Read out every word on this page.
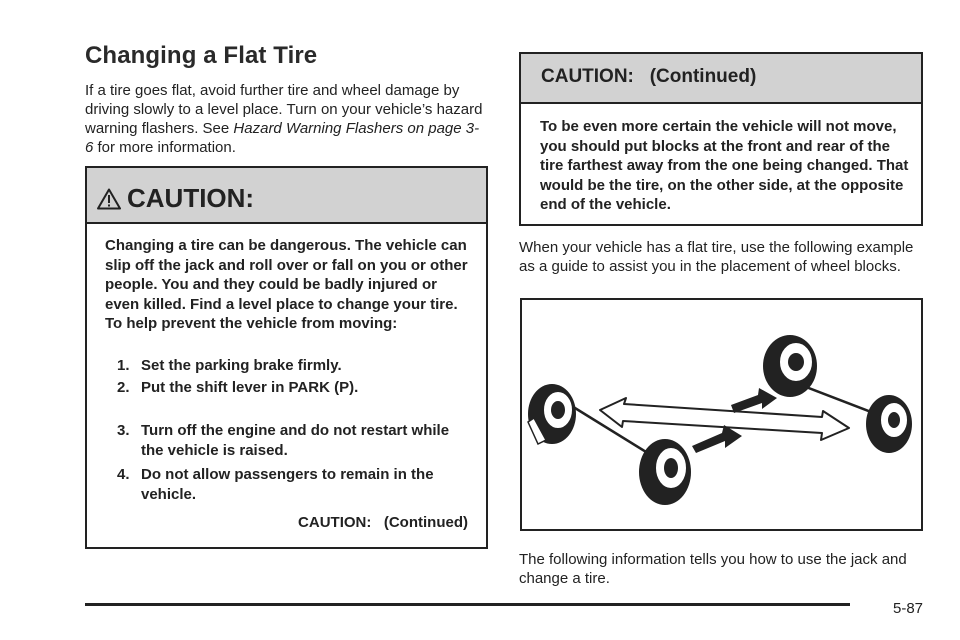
Changing a Flat Tire
If a tire goes flat, avoid further tire and wheel damage by driving slowly to a level place. Turn on your vehicle’s hazard warning flashers. See Hazard Warning Flashers on page 3-6 for more information.
CAUTION:
Changing a tire can be dangerous. The vehicle can slip off the jack and roll over or fall on you or other people. You and they could be badly injured or even killed. Find a level place to change your tire. To help prevent the vehicle from moving:
1. Set the parking brake firmly.
2. Put the shift lever in PARK (P).
3. Turn off the engine and do not restart while the vehicle is raised.
4. Do not allow passengers to remain in the vehicle.
CAUTION:   (Continued)
CAUTION:   (Continued)
To be even more certain the vehicle will not move, you should put blocks at the front and rear of the tire farthest away from the one being changed. That would be the tire, on the other side, at the opposite end of the vehicle.
When your vehicle has a flat tire, use the following example as a guide to assist you in the placement of wheel blocks.
The following information tells you how to use the jack and change a tire.
5-87
